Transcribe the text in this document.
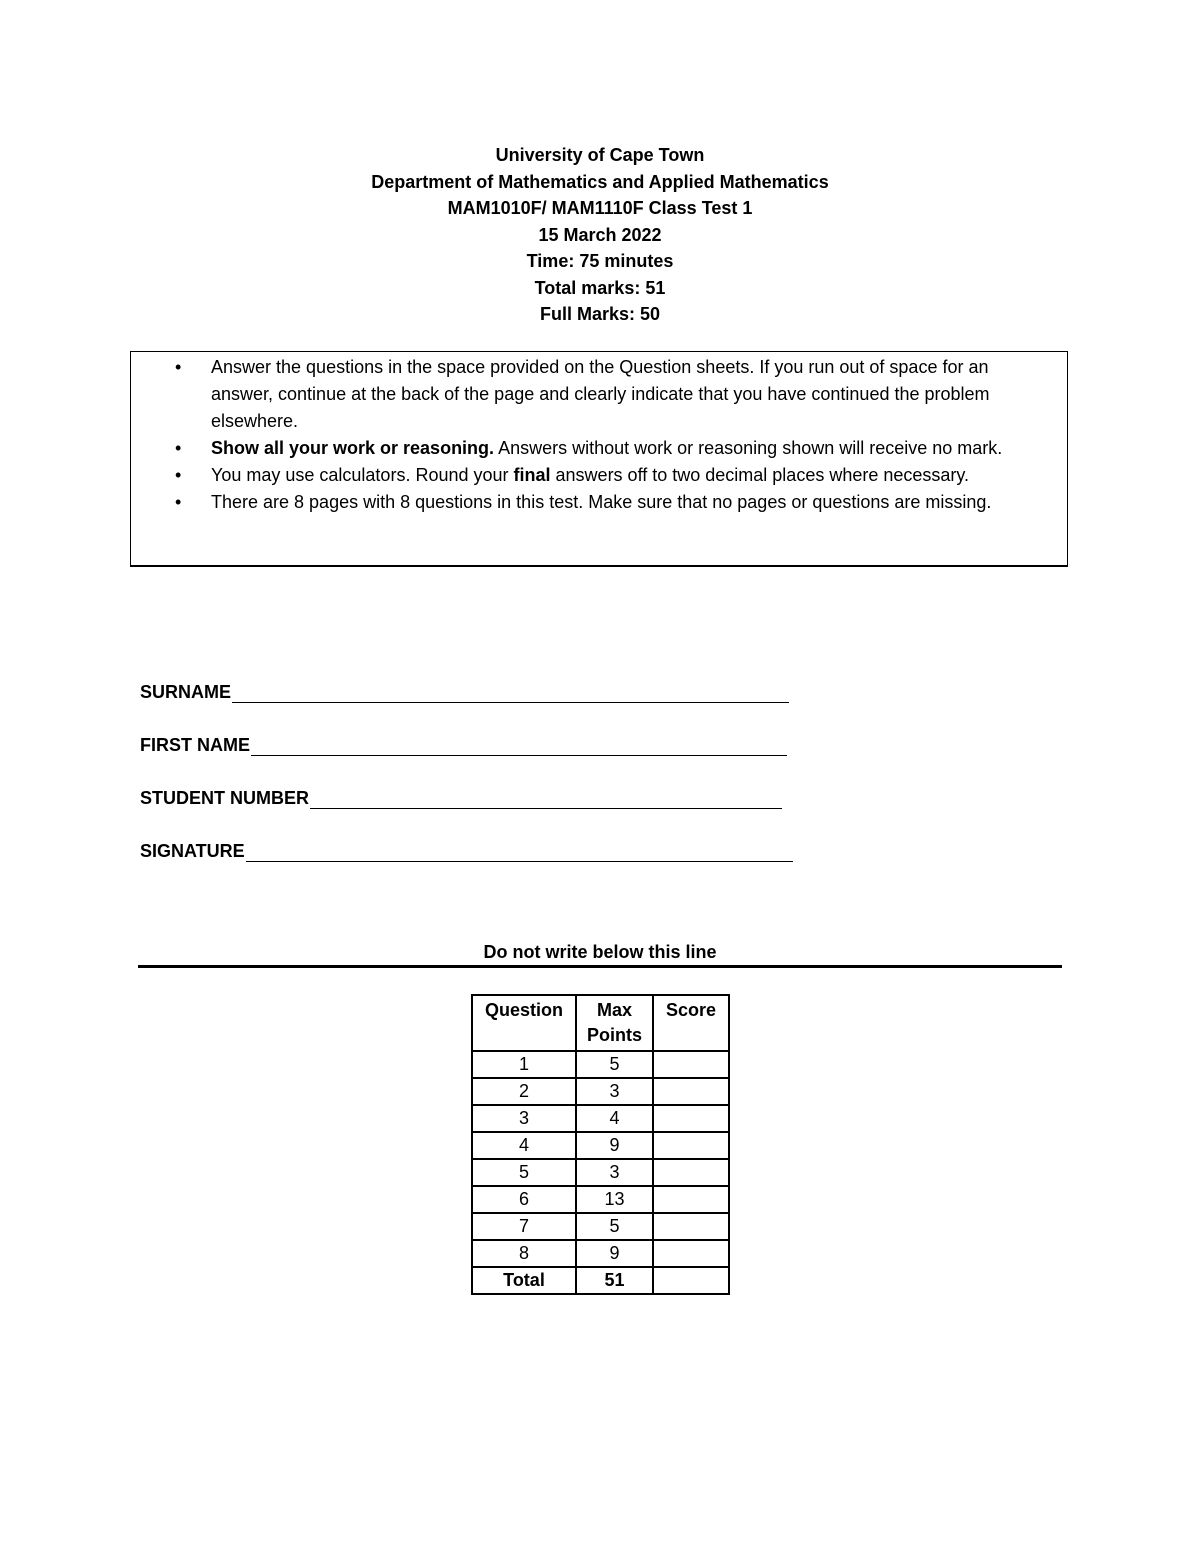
University of Cape Town
Department of Mathematics and Applied Mathematics
MAM1010F/ MAM1110F Class Test 1
15 March 2022
Time: 75 minutes
Total marks: 51
Full Marks: 50
• Answer the questions in the space provided on the Question sheets. If you run out of space for an answer, continue at the back of the page and clearly indicate that you have continued the problem elsewhere.
• Show all your work or reasoning. Answers without work or reasoning shown will receive no mark.
• You may use calculators. Round your final answers off to two decimal places where necessary.
• There are 8 pages with 8 questions in this test. Make sure that no pages or questions are missing.
SURNAME
FIRST NAME
STUDENT NUMBER
SIGNATURE
Do not write below this line
Question	Max Points	Score
1	5	
2	3	
3	4	
4	9	
5	3	
6	13	
7	5	
8	9	
Total	51	
